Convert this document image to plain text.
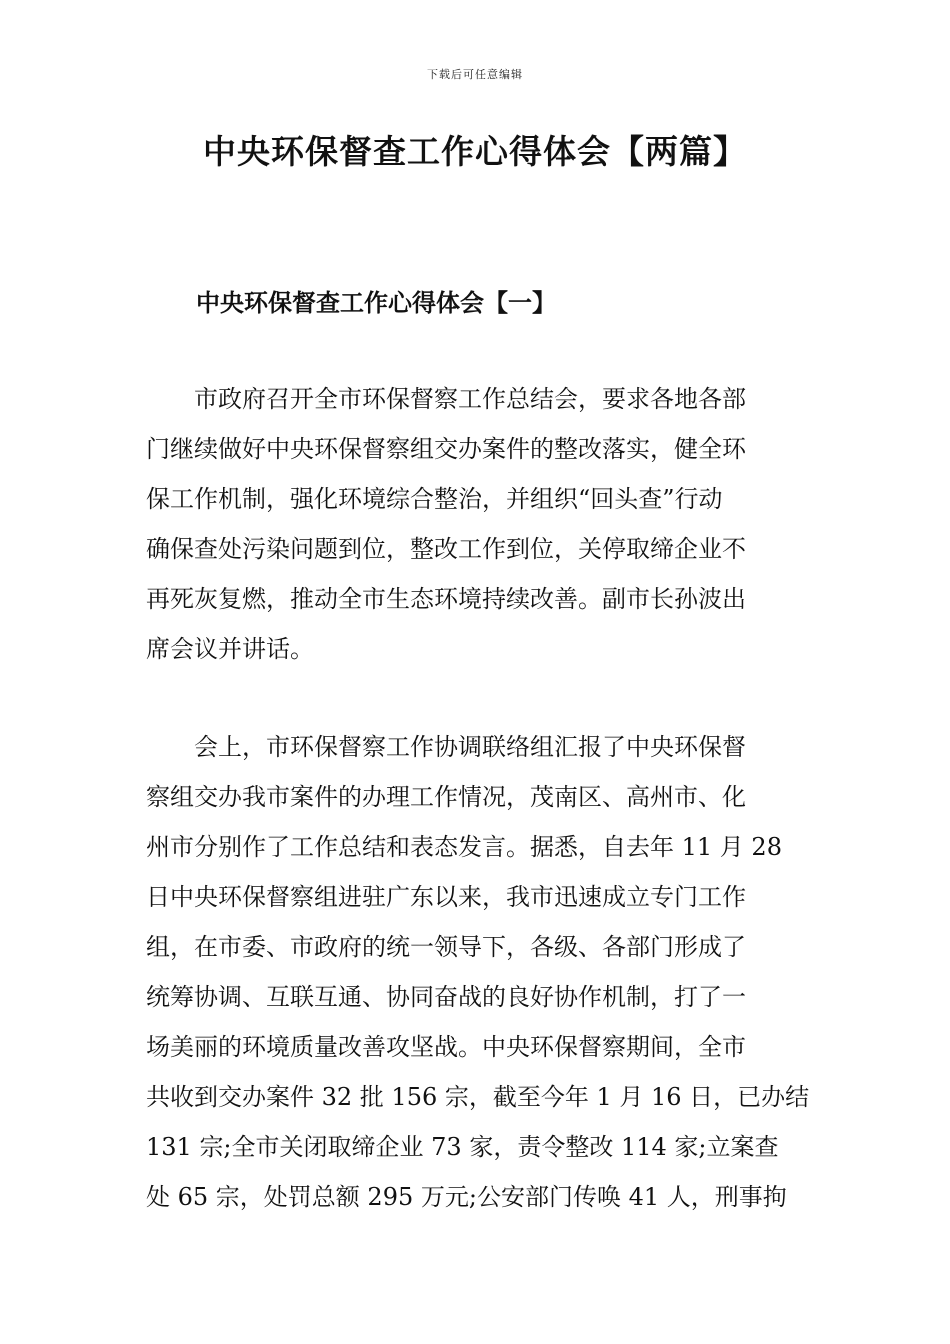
下载后可任意编辑
中央环保督查工作心得体会【两篇】
中央环保督查工作心得体会【一】
　　市政府召开全市环保督察工作总结会，要求各地各部
门继续做好中央环保督察组交办案件的整改落实，健全环
保工作机制，强化环境综合整治，并组织“回头查”行动
确保查处污染问题到位，整改工作到位，关停取缔企业不
再死灰复燃，推动全市生态环境持续改善。副市长孙波出
席会议并讲话。
　　会上，市环保督察工作协调联络组汇报了中央环保督
察组交办我市案件的办理工作情况，茂南区、高州市、化
州市分别作了工作总结和表态发言。据悉，自去年 11 月 28
日中央环保督察组进驻广东以来，我市迅速成立专门工作
组，在市委、市政府的统一领导下，各级、各部门形成了
统筹协调、互联互通、协同奋战的良好协作机制，打了一
场美丽的环境质量改善攻坚战。中央环保督察期间，全市
共收到交办案件 32 批 156 宗，截至今年 1 月 16 日，已办结
131 宗;全市关闭取缔企业 73 家，责令整改 114 家;立案查
处 65 宗，处罚总额 295 万元;公安部门传唤 41 人，刑事拘
